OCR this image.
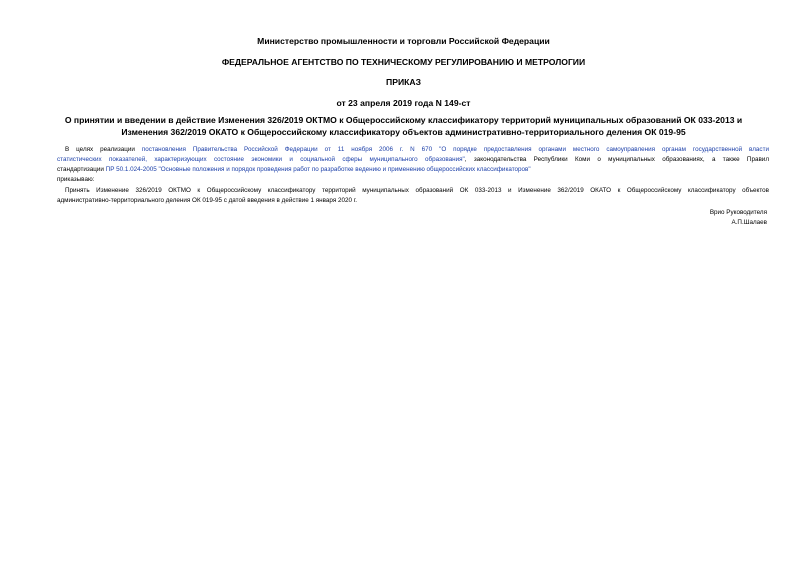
Министерство промышленности и торговли Российской Федерации
ФЕДЕРАЛЬНОЕ АГЕНТСТВО ПО ТЕХНИЧЕСКОМУ РЕГУЛИРОВАНИЮ И МЕТРОЛОГИИ
ПРИКАЗ
от 23 апреля 2019 года N 149-ст
О принятии и введении в действие Изменения 326/2019 ОКТМО к Общероссийскому классификатору территорий муниципальных образований ОК 033-2013 и
Изменения 362/2019 ОКАТО к Общероссийскому классификатору объектов административно-территориального деления ОК 019-95
В целях реализации постановления Правительства Российской Федерации от 11 ноября 2006 г. N 670 "О порядке предоставления органами местного самоуправления органам государственной власти
статистических показателей, характеризующих состояние экономики и социальной сферы муниципального образования", законодательства Республики Коми о муниципальных образованиях, а также Правил
стандартизации ПР 50.1.024-2005 "Основные положения и порядок проведения работ по разработке ведению и применению общероссийских классификаторов"
приказываю:
Принять Изменение 326/2019 ОКТМО к Общероссийскому классификатору территорий муниципальных образований ОК 033-2013 и Изменение 362/2019 ОКАТО к Общероссийскому классификатору объектов
административно-территориального деления ОК 019-95 с датой введения в действие 1 января 2020 г.
Врио Руководителя
А.П.Шалаев
